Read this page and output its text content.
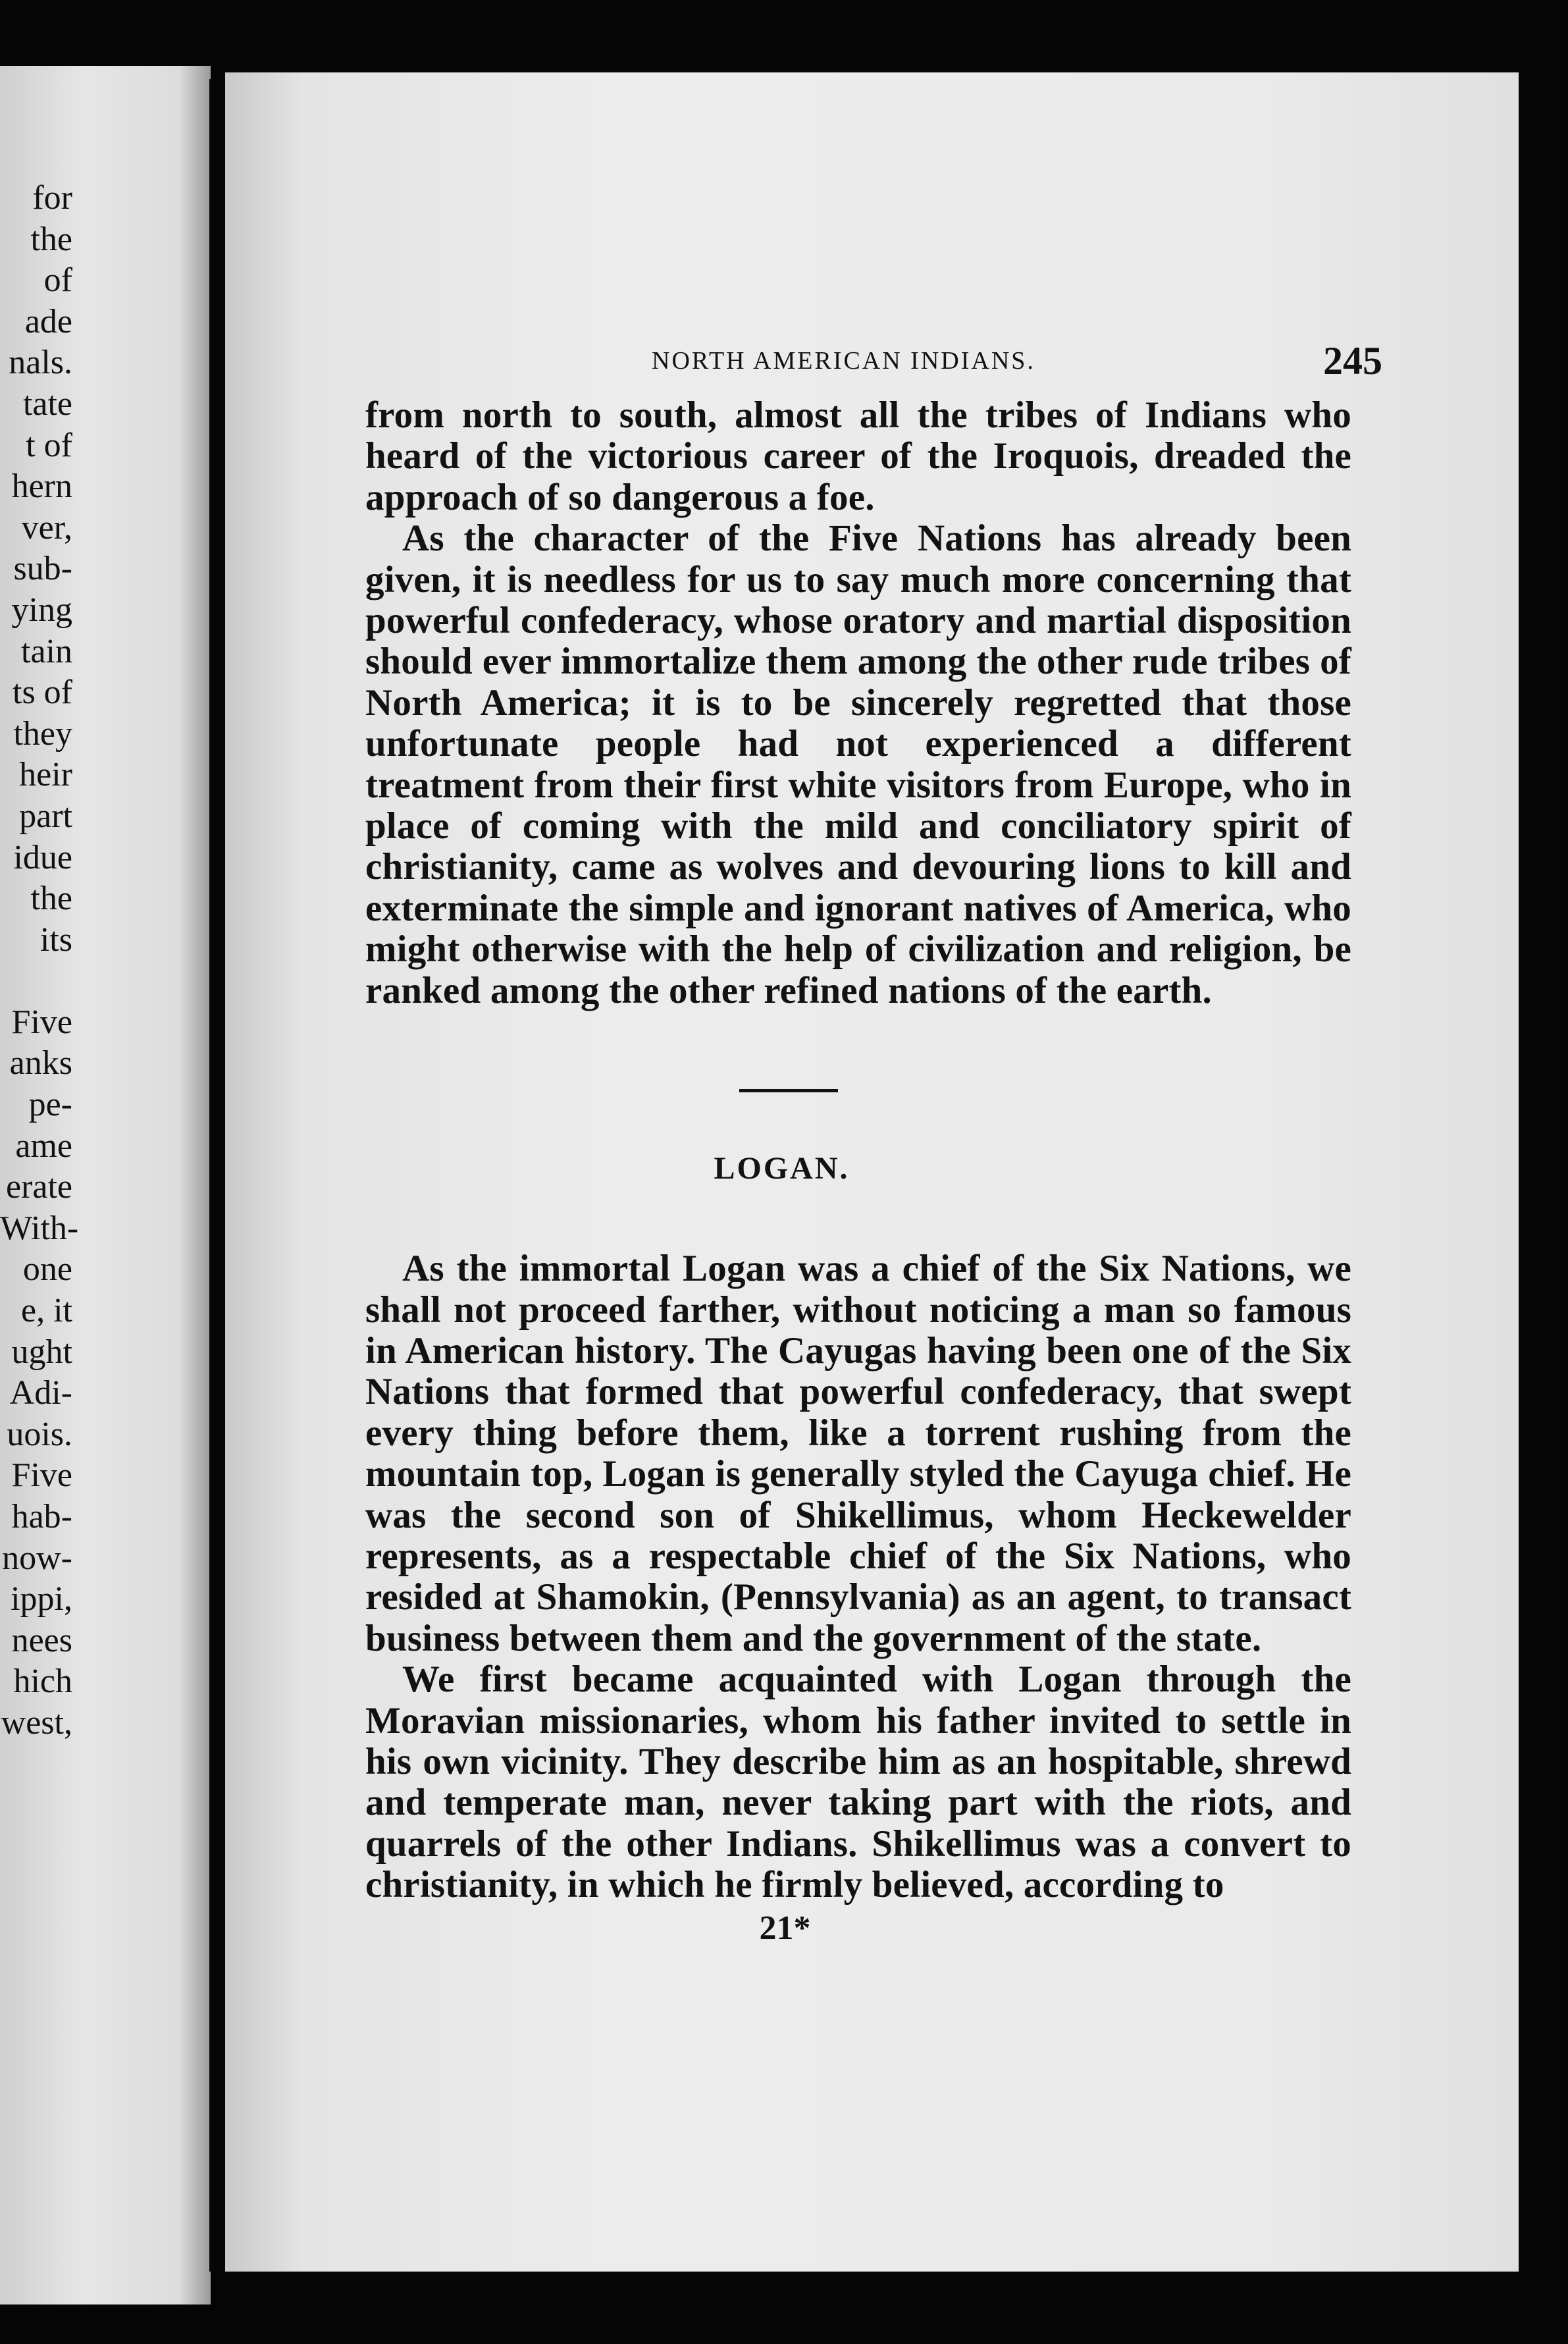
for
the
of
ade
nals.
tate
t of
hern
ver,
sub-
ying
tain
ts of
they
heir
part
idue
the
its

Five
anks
pe-
ame
erate
With-
one
e, it
ught
Adi-
uois.
Five
hab-
now-
ippi,
nees
hich
west,
NORTH AMERICAN INDIANS.	245

from north to south, almost all the tribes of Indians who heard of the victorious career of the Iroquois, dreaded the approach of so dangerous a foe.

As the character of the Five Nations has already been given, it is needless for us to say much more concerning that powerful confederacy, whose oratory and martial disposition should ever immortalize them among the other rude tribes of North America; it is to be sincerely regretted that those unfortunate people had not experienced a different treatment from their first white visitors from Europe, who in place of coming with the mild and conciliatory spirit of christianity, came as wolves and devouring lions to kill and exterminate the simple and ignorant natives of America, who might otherwise with the help of civilization and religion, be ranked among the other refined nations of the earth.

LOGAN.

As the immortal Logan was a chief of the Six Nations, we shall not proceed farther, without noticing a man so famous in American history. The Cayugas having been one of the Six Nations that formed that powerful confederacy, that swept every thing before them, like a torrent rushing from the mountain top, Logan is generally styled the Cayuga chief. He was the second son of Shikellimus, whom Heckewelder represents, as a respectable chief of the Six Nations, who resided at Shamokin, (Pennsylvania) as an agent, to transact business between them and the government of the state.

We first became acquainted with Logan through the Moravian missionaries, whom his father invited to settle in his own vicinity. They describe him as an hospitable, shrewd and temperate man, never taking part with the riots, and quarrels of the other Indians. Shikellimus was a convert to christianity, in which he firmly believed, according to

21*
